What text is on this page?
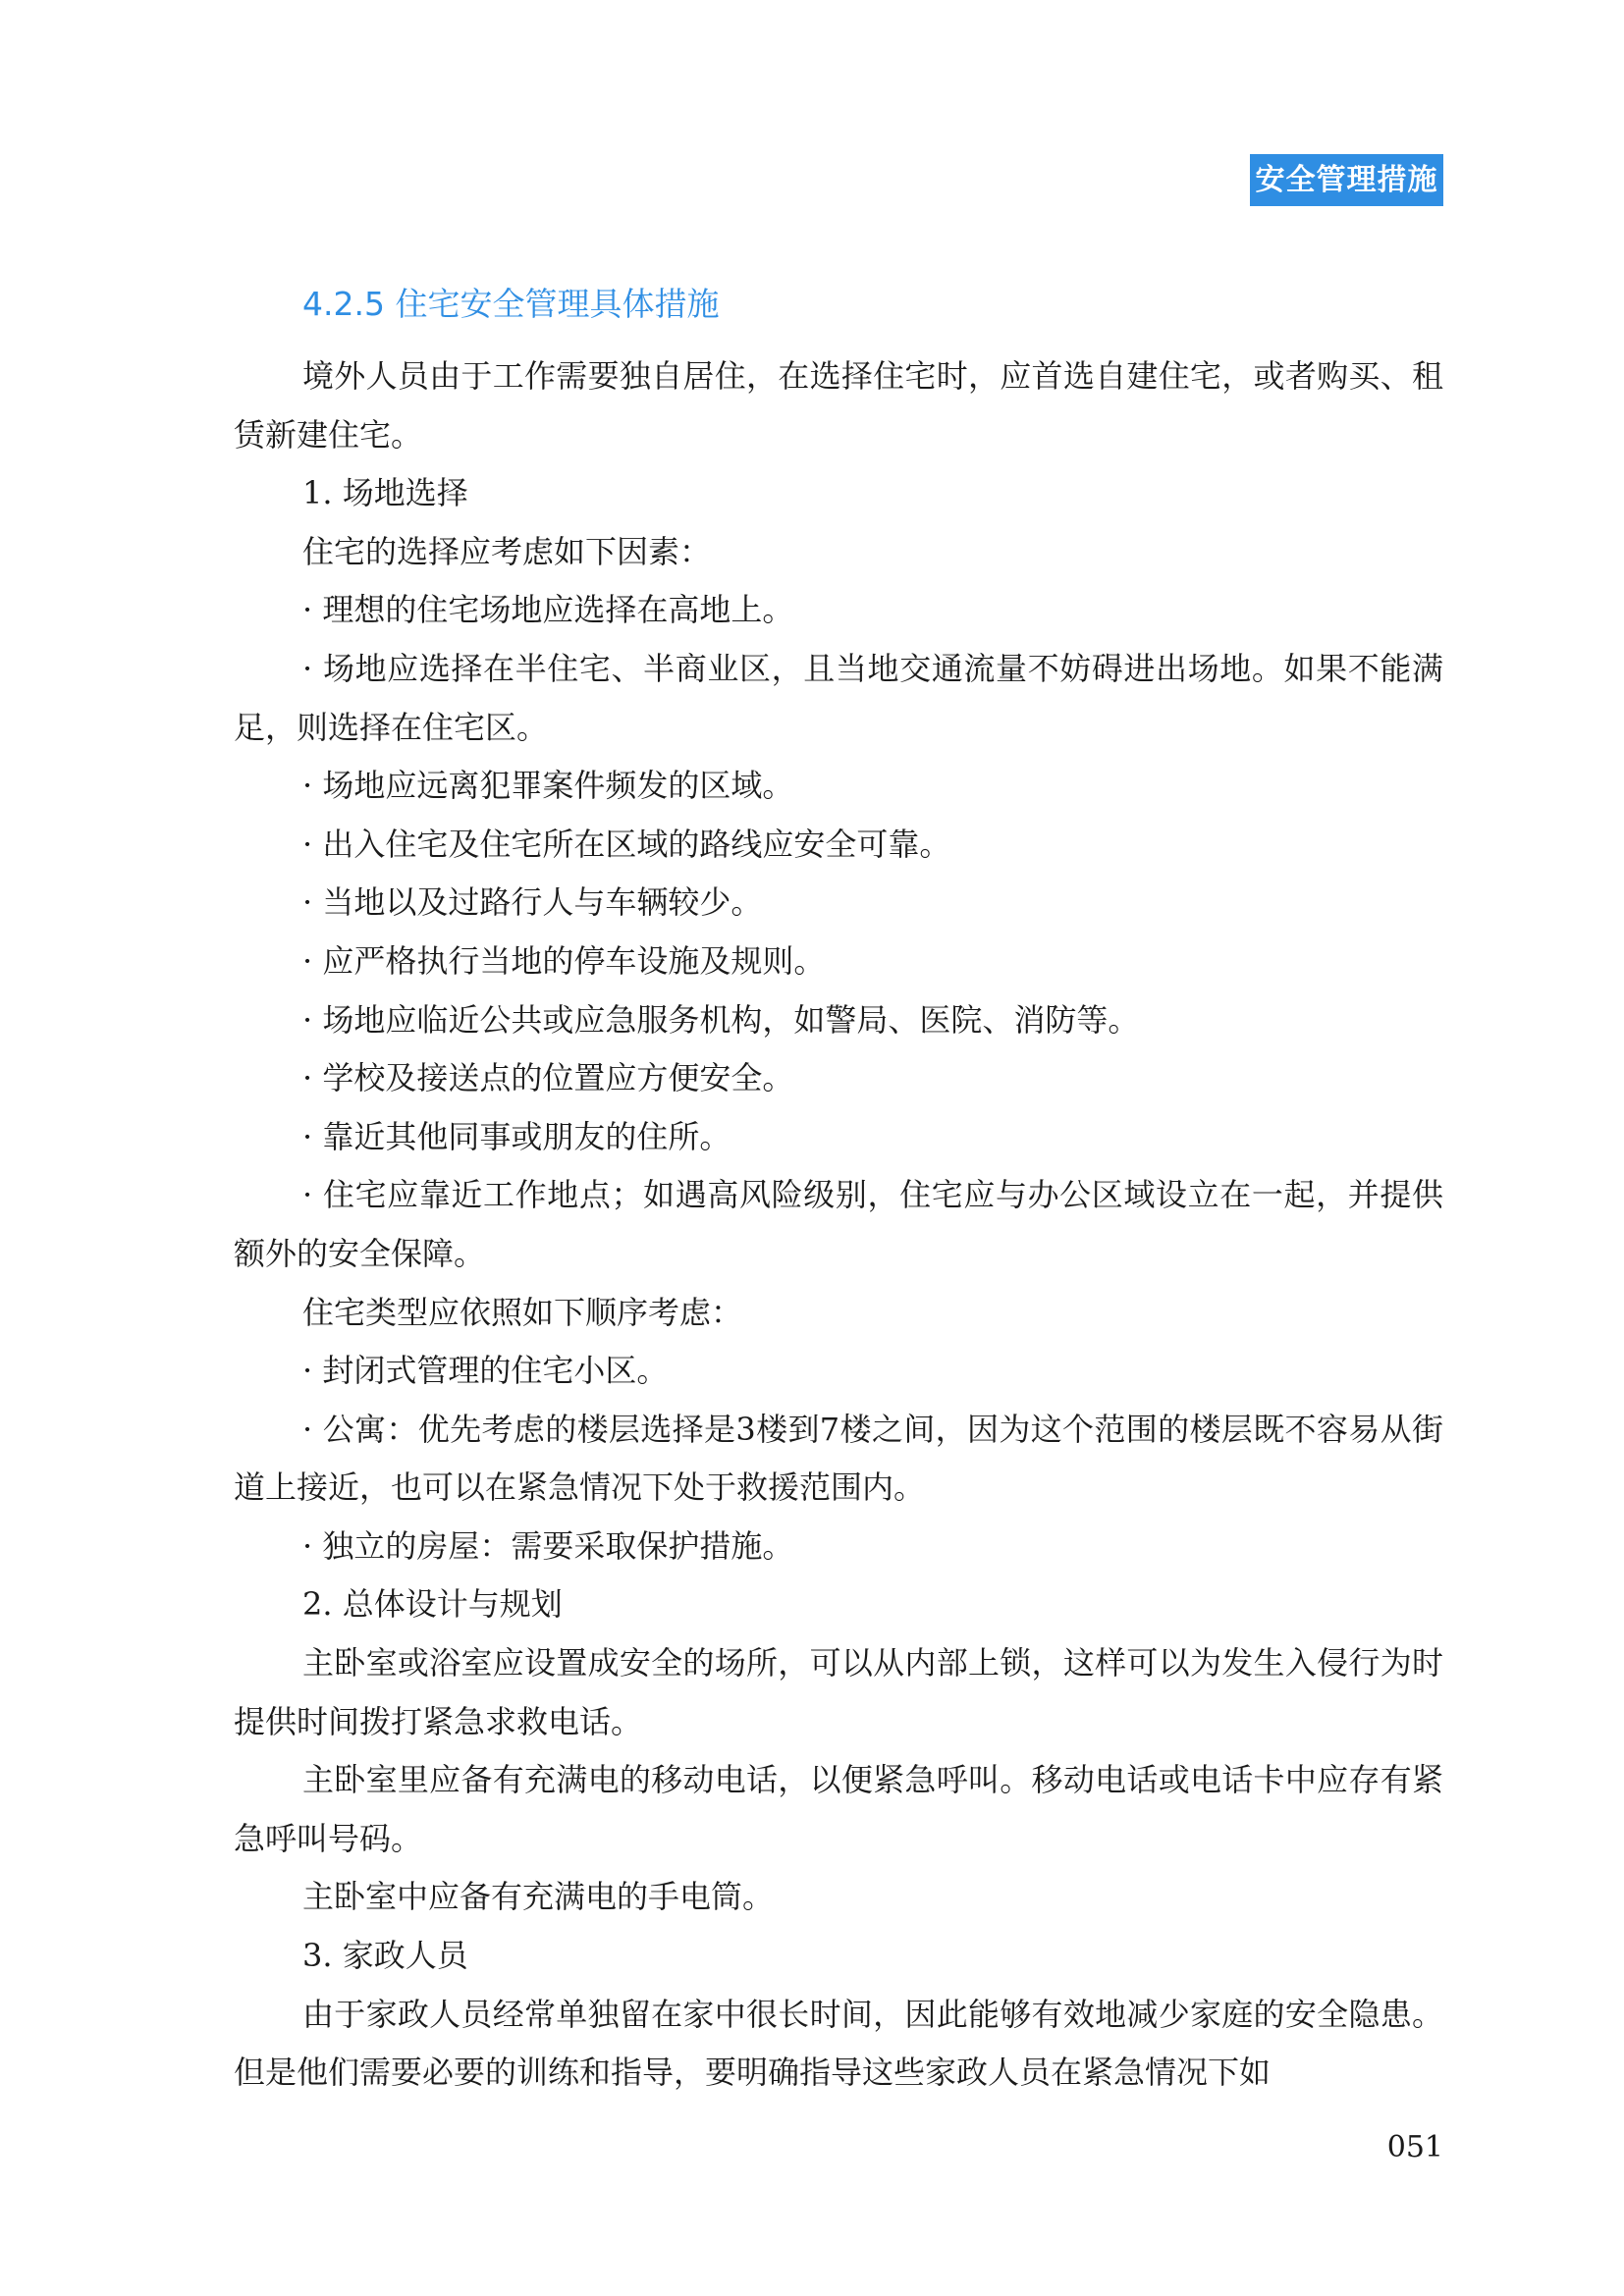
安全管理措施
4.2.5 住宅安全管理具体措施

境外人员由于工作需要独自居住，在选择住宅时，应首选自建住宅，或者购买、租赁新建住宅。

1. 场地选择

住宅的选择应考虑如下因素：

· 理想的住宅场地应选择在高地上。

· 场地应选择在半住宅、半商业区，且当地交通流量不妨碍进出场地。如果不能满足，则选择在住宅区。

· 场地应远离犯罪案件频发的区域。

· 出入住宅及住宅所在区域的路线应安全可靠。

· 当地以及过路行人与车辆较少。

· 应严格执行当地的停车设施及规则。

· 场地应临近公共或应急服务机构，如警局、医院、消防等。

· 学校及接送点的位置应方便安全。

· 靠近其他同事或朋友的住所。

· 住宅应靠近工作地点；如遇高风险级别，住宅应与办公区域设立在一起，并提供额外的安全保障。

住宅类型应依照如下顺序考虑：

· 封闭式管理的住宅小区。

· 公寓：优先考虑的楼层选择是3楼到7楼之间，因为这个范围的楼层既不容易从街道上接近，也可以在紧急情况下处于救援范围内。

· 独立的房屋：需要采取保护措施。

2. 总体设计与规划

主卧室或浴室应设置成安全的场所，可以从内部上锁，这样可以为发生入侵行为时提供时间拨打紧急求救电话。

主卧室里应备有充满电的移动电话，以便紧急呼叫。移动电话或电话卡中应存有紧急呼叫号码。

主卧室中应备有充满电的手电筒。

3. 家政人员

由于家政人员经常单独留在家中很长时间，因此能够有效地减少家庭的安全隐患。但是他们需要必要的训练和指导，要明确指导这些家政人员在紧急情况下如

051
